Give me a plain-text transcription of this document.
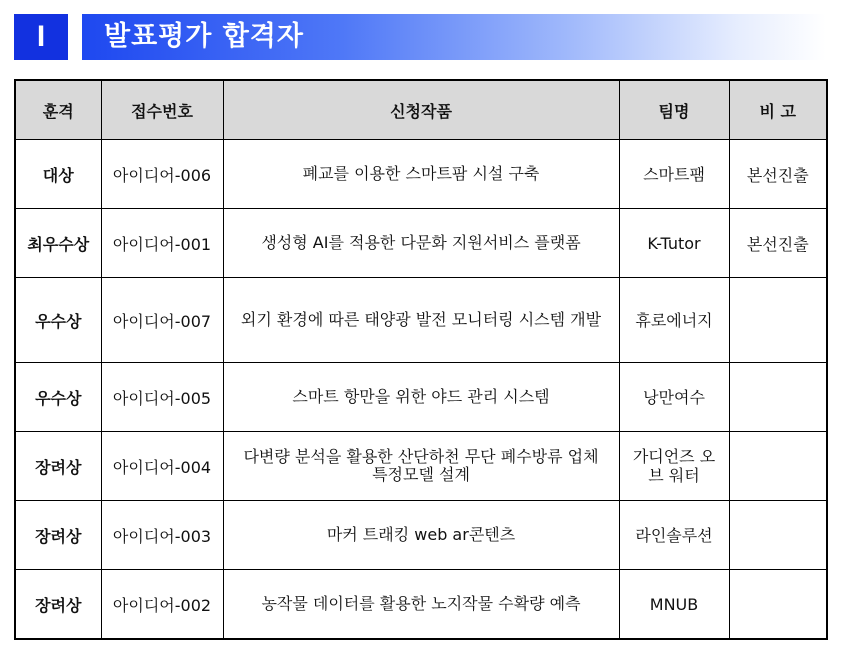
I	발표평가 합격자
훈격	접수번호	신청작품	팀명	비 고
대상	아이디어-006	폐교를 이용한 스마트팜 시설 구축	스마트팸	본선진출
최우수상	아이디어-001	생성형 AI를 적용한 다문화 지원서비스 플랫폼	K-Tutor	본선진출
우수상	아이디어-007	외기 환경에 따른 태양광 발전 모니터링 시스템 개발	휴로에너지	
우수상	아이디어-005	스마트 항만을 위한 야드 관리 시스템	낭만여수	
장려상	아이디어-004	다변량 분석을 활용한 산단하천 무단 폐수방류 업체 특정모델 설계	가디언즈 오브 워터	
장려상	아이디어-003	마커 트래킹 web ar콘텐츠	라인솔루션	
장려상	아이디어-002	농작물 데이터를 활용한 노지작물 수확량 예측	MNUB	
